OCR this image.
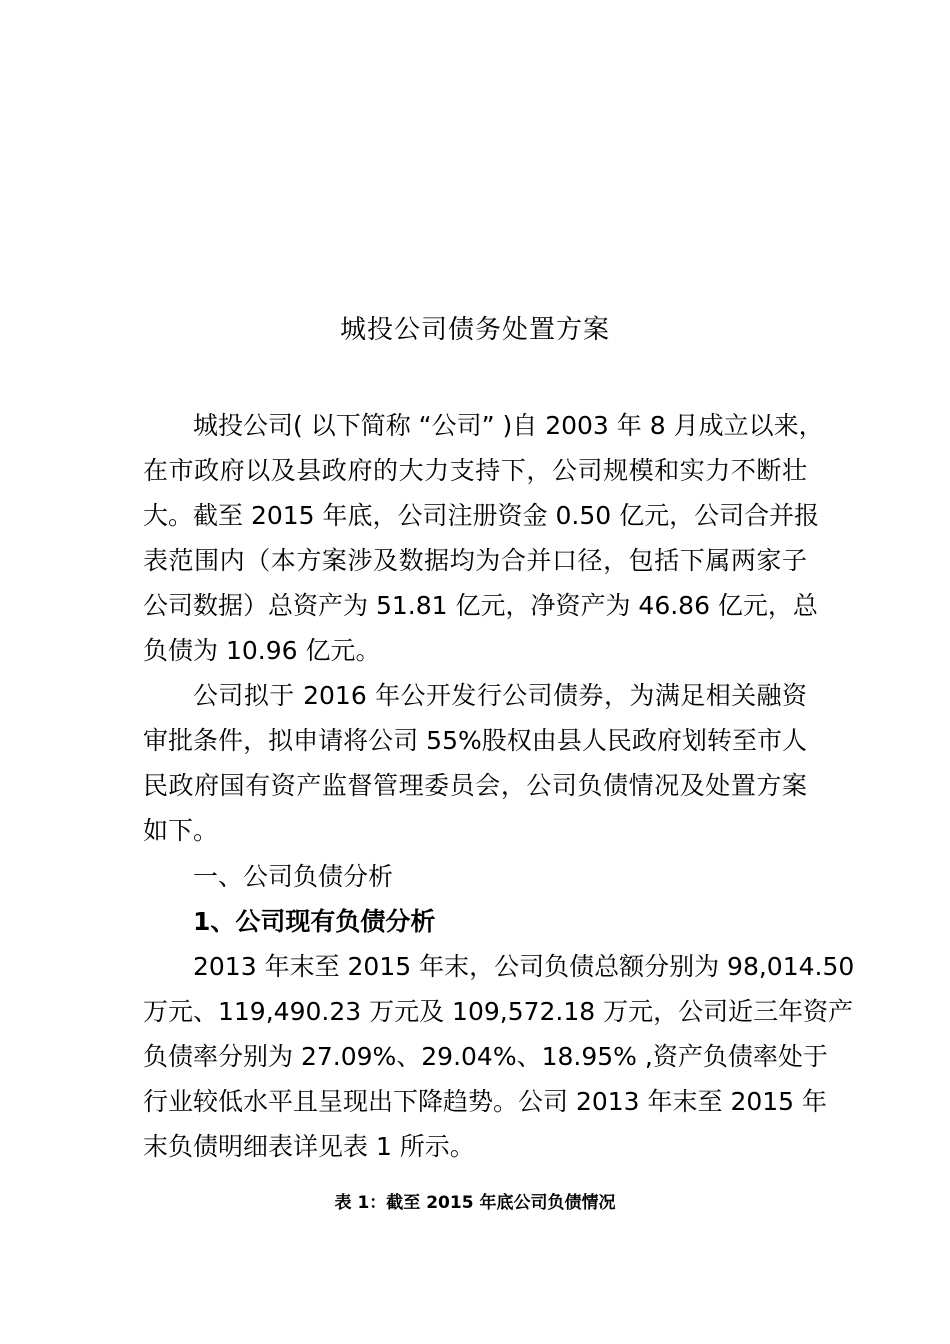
城投公司债务处置方案
城投公司( 以下简称 “公司” )自 2003 年 8 月成立以来，
在市政府以及县政府的大力支持下，公司规模和实力不断壮
大。截至 2015 年底，公司注册资金 0.50 亿元，公司合并报
表范围内（本方案涉及数据均为合并口径，包括下属两家子
公司数据）总资产为 51.81 亿元，净资产为 46.86 亿元，总
负债为 10.96 亿元。
公司拟于 2016 年公开发行公司债券，为满足相关融资
审批条件，拟申请将公司 55%股权由县人民政府划转至市人
民政府国有资产监督管理委员会，公司负债情况及处置方案
如下。
一、公司负债分析
1、公司现有负债分析
2013 年末至 2015 年末，公司负债总额分别为 98,014.50
万元、119,490.23 万元及 109,572.18 万元，公司近三年资产
负债率分别为 27.09%、29.04%、18.95% ,资产负债率处于
行业较低水平且呈现出下降趋势。公司 2013 年末至 2015 年
末负债明细表详见表 1 所示。
表 1：截至 2015 年底公司负债情况
